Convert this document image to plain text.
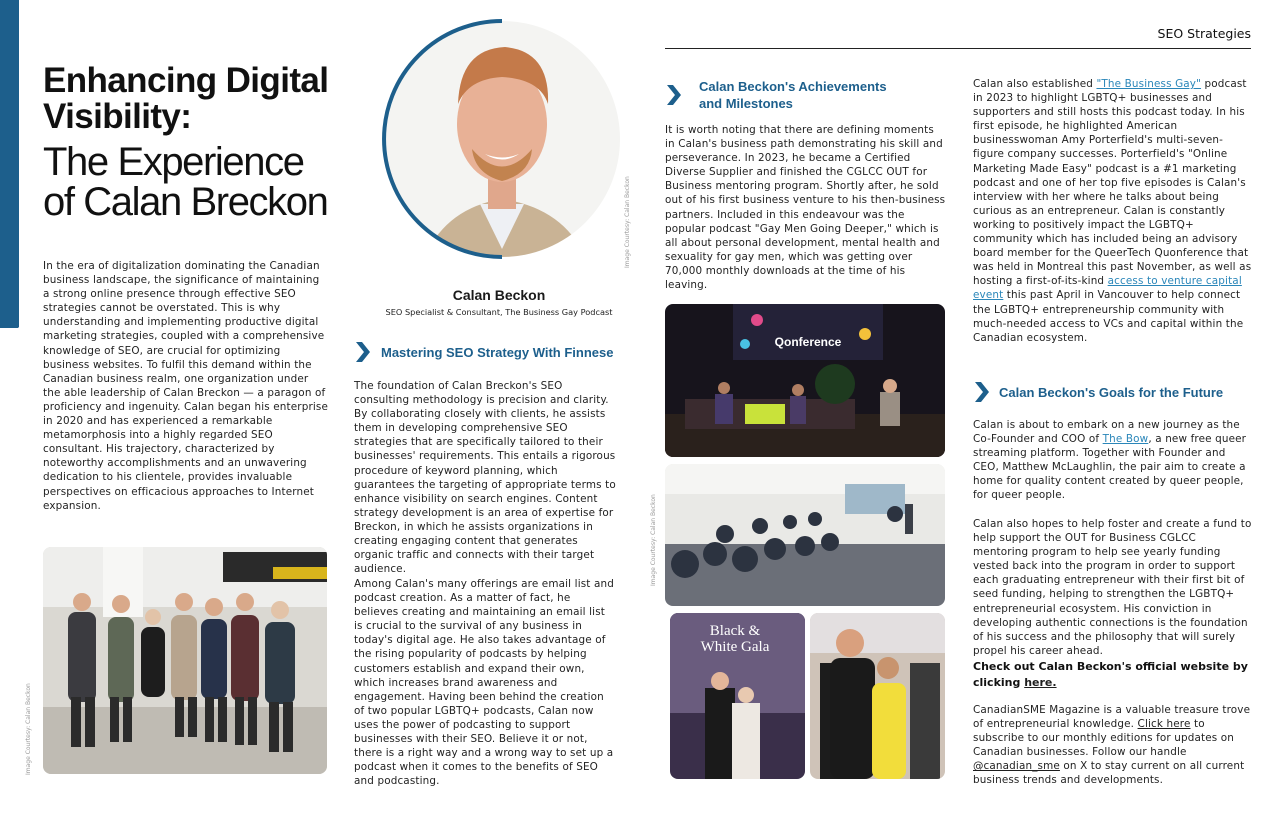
SEO Strategies
Enhancing Digital Visibility:
The Experience of Calan Breckon
In the era of digitalization dominating the Canadian business landscape, the significance of maintaining a strong online presence through effective SEO strategies cannot be overstated. This is why understanding and implementing productive digital marketing strategies, coupled with a comprehensive knowledge of SEO, are crucial for optimizing business websites. To fulfil this demand within the Canadian business realm, one organization under the able leadership of Calan Breckon — a paragon of proficiency and ingenuity. Calan began his enterprise in 2020 and has experienced a remarkable metamorphosis into a highly regarded SEO consultant. His trajectory, characterized by noteworthy accomplishments and an unwavering dedication to his clientele, provides invaluable perspectives on efficacious approaches to Internet expansion.
Image Courtesy: Calan Beckon
Image Courtesy: Calan Beckon
Calan Beckon
SEO Specialist & Consultant, The Business Gay Podcast
Mastering SEO Strategy With Finnese
The foundation of Calan Breckon's SEO consulting methodology is precision and clarity. By collaborating closely with clients, he assists them in developing comprehensive SEO strategies that are specifically tailored to their businesses' requirements. This entails a rigorous procedure of keyword planning, which guarantees the targeting of appropriate terms to enhance visibility on search engines. Content strategy development is an area of expertise for Breckon, in which he assists organizations in creating engaging content that generates organic traffic and connects with their target audience.
Among Calan's many offerings are email list and podcast creation. As a matter of fact, he believes creating and maintaining an email list is crucial to the survival of any business in today's digital age. He also takes advantage of the rising popularity of podcasts by helping customers establish and expand their own, which increases brand awareness and engagement. Having been behind the creation of two popular LGBTQ+ podcasts, Calan now uses the power of podcasting to support businesses with their SEO. Believe it or not, there is a right way and a wrong way to set up a podcast when it comes to the benefits of SEO and podcasting.
Calan Beckon's Achievements and Milestones
It is worth noting that there are defining moments in Calan's business path demonstrating his skill and perseverance. In 2023, he became a Certified Diverse Supplier and finished the CGLCC OUT for Business mentoring program. Shortly after, he sold out of his first business venture to his then-business partners. Included in this endeavour was the popular podcast "Gay Men Going Deeper," which is all about personal development, mental health and sexuality for gay men, which was getting over 70,000 monthly downloads at the time of his leaving.
Qonference
Image Courtesy: Calan Beckon
Black &
White Gala
Calan also established "The Business Gay" podcast in 2023 to highlight LGBTQ+ businesses and supporters and still hosts this podcast today. In his first episode, he highlighted American businesswoman Amy Porterfield's multi-seven-figure company successes. Porterfield's "Online Marketing Made Easy" podcast is a #1 marketing podcast and one of her top five episodes is Calan's interview with her where he talks about being curious as an entrepreneur. Calan is constantly working to positively impact the LGBTQ+ community which has included being an advisory board member for the QueerTech Quonference that was held in Montreal this past November, as well as hosting a first-of-its-kind access to venture capital event this past April in Vancouver to help connect the LGBTQ+ entrepreneurship community with much-needed access to VCs and capital within the Canadian ecosystem.
Calan Beckon's Goals for the Future
Calan is about to embark on a new journey as the Co-Founder and COO of The Bow, a new free queer streaming platform. Together with Founder and CEO, Matthew McLaughlin, the pair aim to create a home for quality content created by queer people, for queer people.
Calan also hopes to help foster and create a fund to help support the OUT for Business CGLCC mentoring program to help see yearly funding vested back into the program in order to support each graduating entrepreneur with their first bit of seed funding, helping to strengthen the LGBTQ+ entrepreneurial ecosystem. His conviction in developing authentic connections is the foundation of his success and the philosophy that will surely propel his career ahead.
Check out Calan Beckon's official website by clicking here.
CanadianSME Magazine is a valuable treasure trove of entrepreneurial knowledge. Click here to subscribe to our monthly editions for updates on Canadian businesses. Follow our handle @canadian_sme on X to stay current on all current business trends and developments.
